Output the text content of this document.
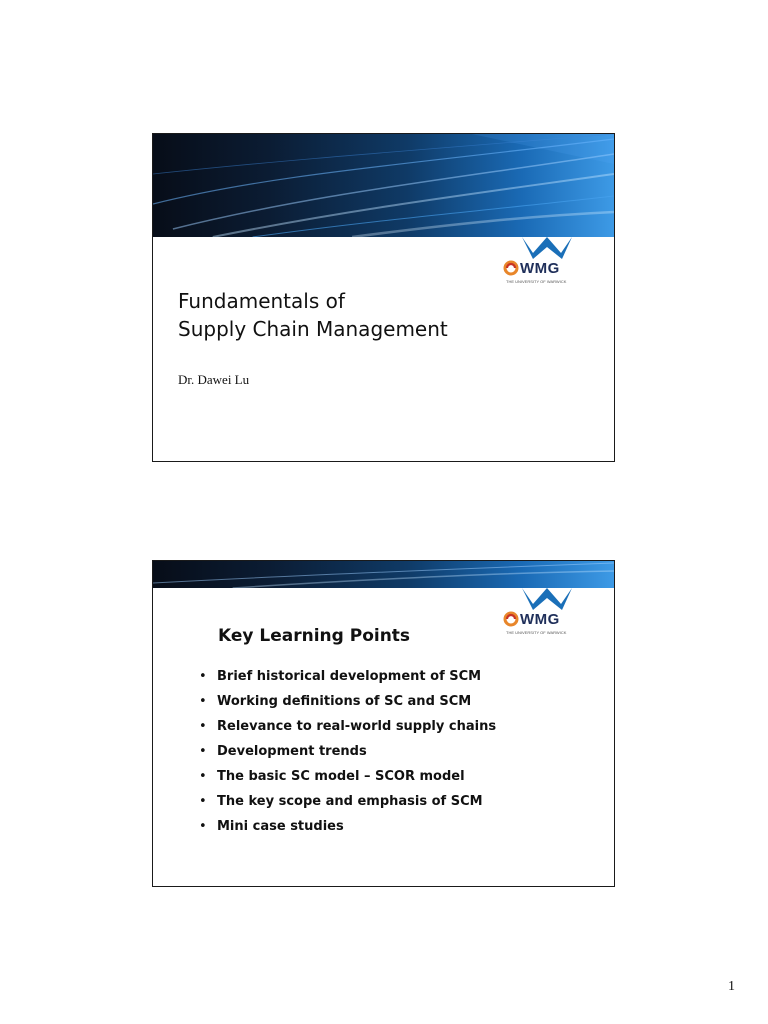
WMG
THE UNIVERSITY OF WARWICK
Fundamentals of
Supply Chain Management
Dr. Dawei Lu
WMG
THE UNIVERSITY OF WARWICK
Key Learning Points
• Brief historical development of SCM
• Working definitions of SC and SCM
• Relevance to real-world supply chains
• Development trends
• The basic SC model – SCOR model
• The key scope and emphasis of SCM
• Mini case studies
1
